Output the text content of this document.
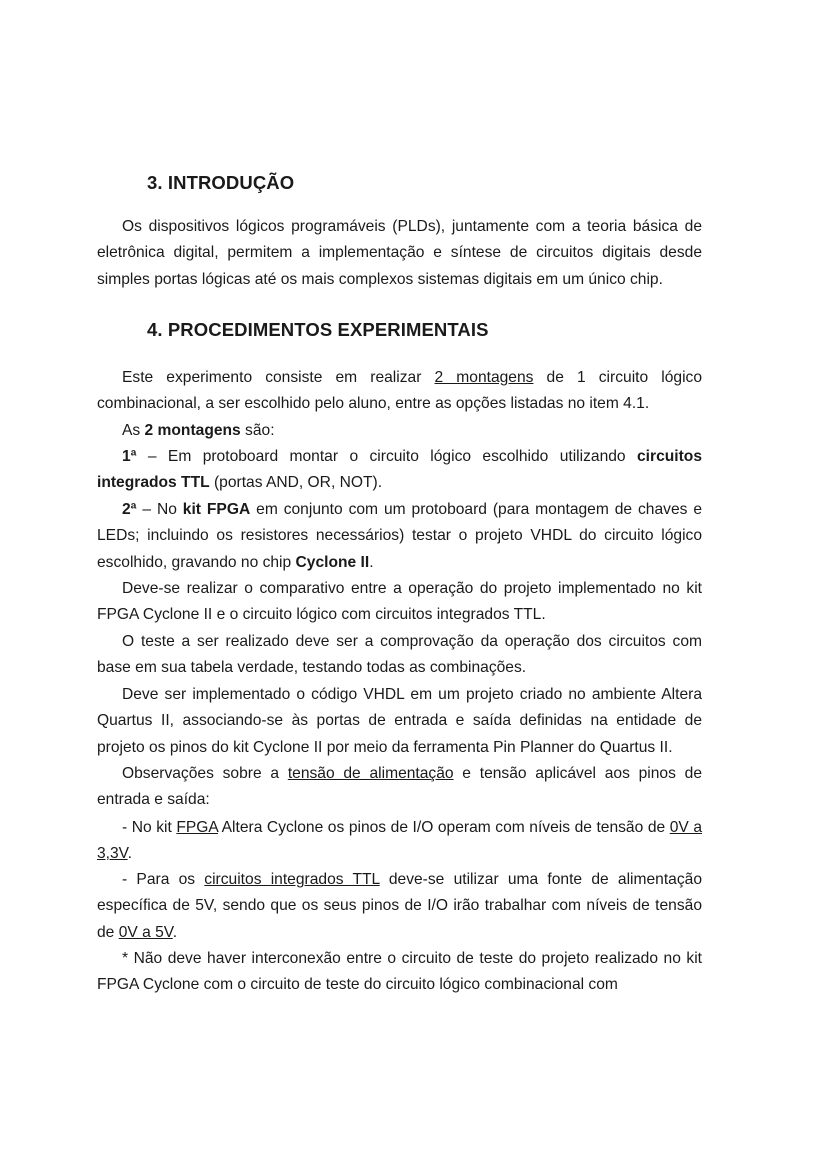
3. INTRODUÇÃO

Os dispositivos lógicos programáveis (PLDs), juntamente com a teoria básica de eletrônica digital, permitem a implementação e síntese de circuitos digitais desde simples portas lógicas até os mais complexos sistemas digitais em um único chip.

4. PROCEDIMENTOS EXPERIMENTAIS

Este experimento consiste em realizar 2 montagens de 1 circuito lógico combinacional, a ser escolhido pelo aluno, entre as opções listadas no item 4.1.

As 2 montagens são:

1ª – Em protoboard montar o circuito lógico escolhido utilizando circuitos integrados TTL (portas AND, OR, NOT).

2ª – No kit FPGA em conjunto com um protoboard (para montagem de chaves e LEDs; incluindo os resistores necessários) testar o projeto VHDL do circuito lógico escolhido, gravando no chip Cyclone II.

Deve-se realizar o comparativo entre a operação do projeto implementado no kit FPGA Cyclone II e o circuito lógico com circuitos integrados TTL.

O teste a ser realizado deve ser a comprovação da operação dos circuitos com base em sua tabela verdade, testando todas as combinações.

Deve ser implementado o código VHDL em um projeto criado no ambiente Altera Quartus II, associando-se às portas de entrada e saída definidas na entidade de projeto os pinos do kit Cyclone II por meio da ferramenta Pin Planner do Quartus II.

Observações sobre a tensão de alimentação e tensão aplicável aos pinos de entrada e saída:

- No kit FPGA Altera Cyclone os pinos de I/O operam com níveis de tensão de 0V a 3,3V.

- Para os circuitos integrados TTL deve-se utilizar uma fonte de alimentação específica de 5V, sendo que os seus pinos de I/O irão trabalhar com níveis de tensão de 0V a 5V.

* Não deve haver interconexão entre o circuito de teste do projeto realizado no kit FPGA Cyclone com o circuito de teste do circuito lógico combinacional com
